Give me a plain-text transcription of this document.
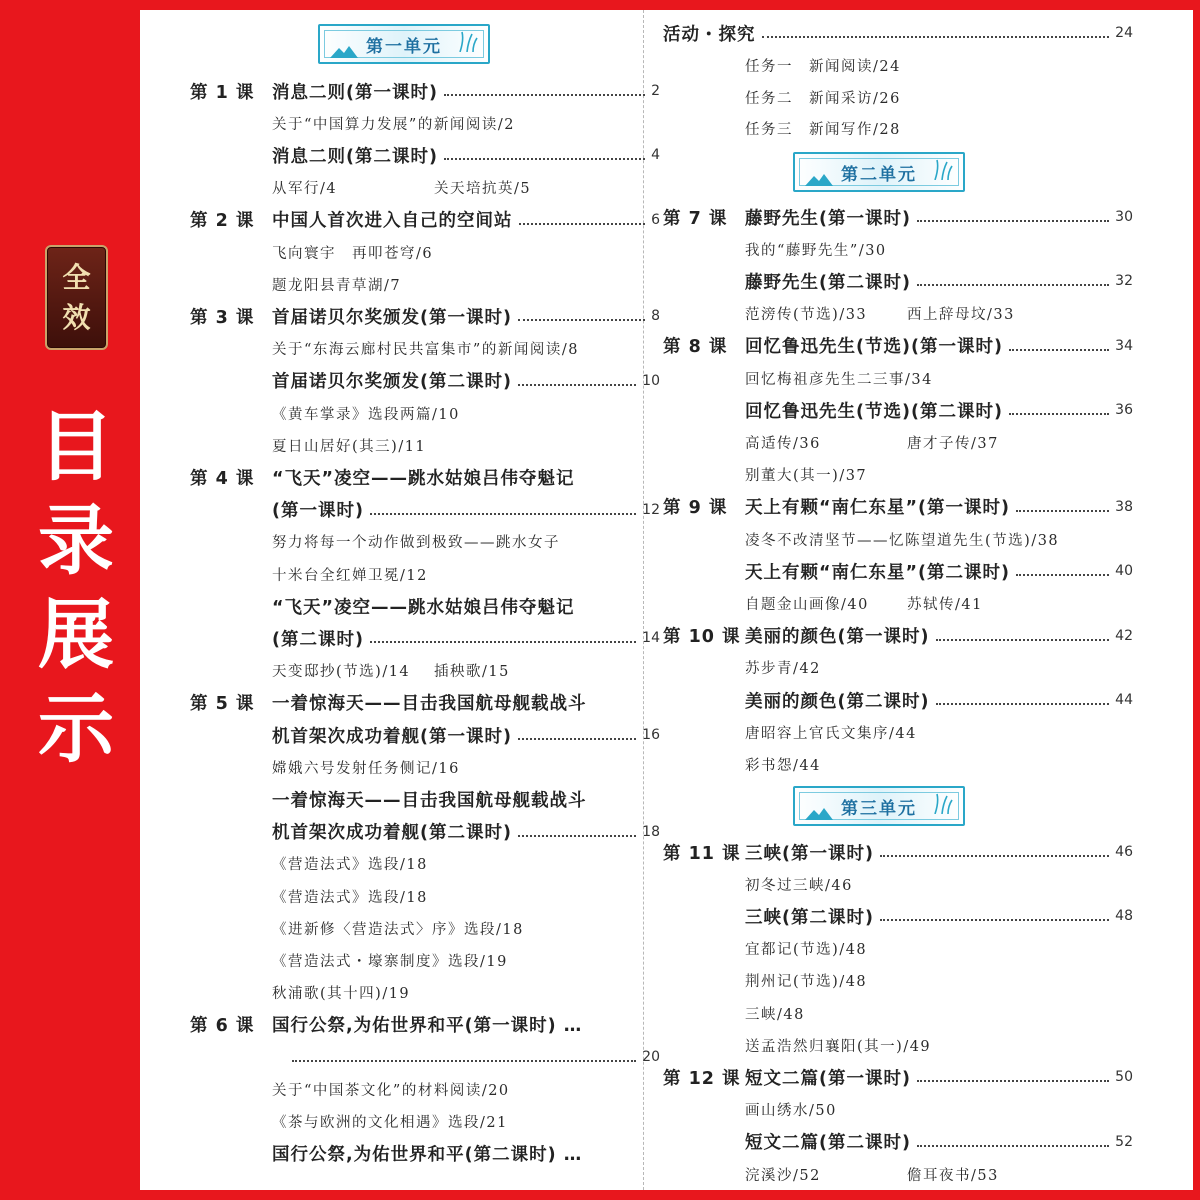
全
效
目
录
展
示
第一单元
第 1 课	消息二则(第一课时)	2
关于“中国算力发展”的新闻阅读/2
消息二则(第二课时)	4
从军行/4	关天培抗英/5
第 2 课	中国人首次进入自己的空间站	6
飞向寰宇　再叩苍穹/6
题龙阳县青草湖/7
第 3 课	首届诺贝尔奖颁发(第一课时)	8
关于“东海云廊村民共富集市”的新闻阅读/8
首届诺贝尔奖颁发(第二课时)	10
《黄车掌录》选段两篇/10
夏日山居好(其三)/11
第 4 课	“飞天”凌空——跳水姑娘吕伟夺魁记
(第一课时)	12
努力将每一个动作做到极致——跳水女子
十米台全红婵卫冕/12
“飞天”凌空——跳水姑娘吕伟夺魁记
(第二课时)	14
天变邸抄(节选)/14	插秧歌/15
第 5 课	一着惊海天——目击我国航母舰载战斗
机首架次成功着舰(第一课时)	16
嫦娥六号发射任务侧记/16
一着惊海天——目击我国航母舰载战斗
机首架次成功着舰(第二课时)	18
《营造法式》选段/18
《营造法式》选段/18
《进新修〈营造法式〉序》选段/18
《营造法式・壕寨制度》选段/19
秋浦歌(其十四)/19
第 6 课	国行公祭,为佑世界和平(第一课时) …
20
关于“中国茶文化”的材料阅读/20
《茶与欧洲的文化相遇》选段/21
国行公祭,为佑世界和平(第二课时) …
活动・探究	24
任务一　新闻阅读/24
任务二　新闻采访/26
任务三　新闻写作/28
第二单元
第三单元
第 7 课	藤野先生(第一课时)	30
我的“藤野先生”/30
藤野先生(第二课时)	32
范滂传(节选)/33	西上辞母坟/33
第 8 课	回忆鲁迅先生(节选)(第一课时)	34
回忆梅祖彦先生二三事/34
回忆鲁迅先生(节选)(第二课时)	36
高适传/36	唐才子传/37
别董大(其一)/37
第 9 课	天上有颗“南仁东星”(第一课时)	38
凌冬不改清坚节——忆陈望道先生(节选)/38
天上有颗“南仁东星”(第二课时)	40
自题金山画像/40	苏轼传/41
第 10 课 美丽的颜色(第一课时)	42
苏步青/42
美丽的颜色(第二课时)	44
唐昭容上官氏文集序/44
彩书怨/44
第 11 课 三峡(第一课时)	46
初冬过三峡/46
三峡(第二课时)	48
宜都记(节选)/48
荆州记(节选)/48
三峡/48
送孟浩然归襄阳(其一)/49
第 12 课 短文二篇(第一课时)	50
画山绣水/50
短文二篇(第二课时)	52
浣溪沙/52	儋耳夜书/53
